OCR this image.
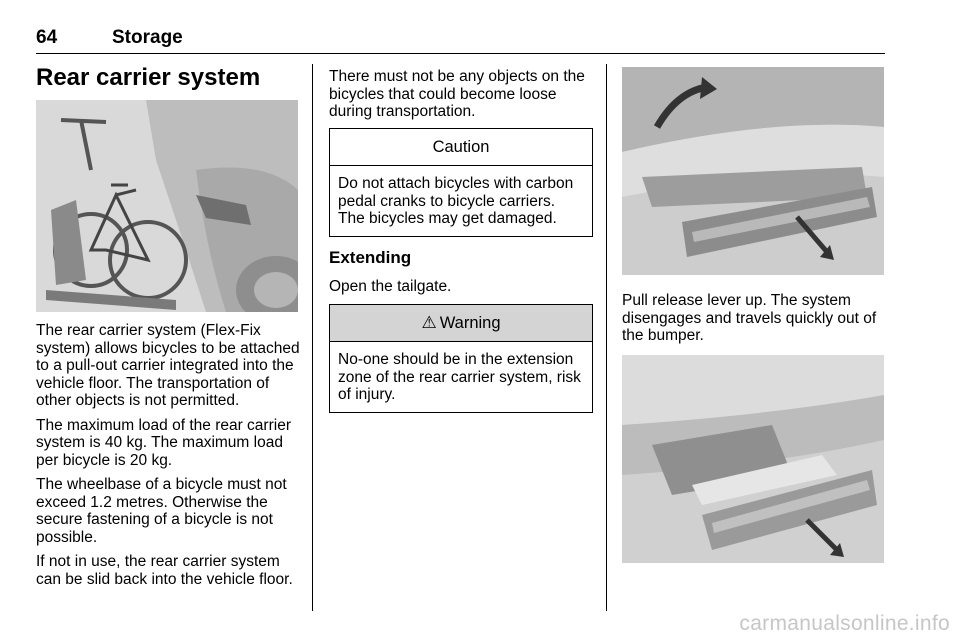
64	Storage
Rear carrier system

The rear carrier system (Flex-Fix system) allows bicycles to be attached to a pull-out carrier integrated into the vehicle floor. The transportation of other objects is not permitted.

The maximum load of the rear carrier system is 40 kg. The maximum load per bicycle is 20 kg.

The wheelbase of a bicycle must not exceed 1.2 metres. Otherwise the secure fastening of a bicycle is not possible.

If not in use, the rear carrier system can be slid back into the vehicle floor.

There must not be any objects on the bicycles that could become loose during transportation.
Caution
Do not attach bicycles with carbon pedal cranks to bicycle carriers. The bicycles may get damaged.
Extending
Open the tailgate.
⚠ Warning
No-one should be in the extension zone of the rear carrier system, risk of injury.
Pull release lever up. The system disengages and travels quickly out of the bumper.
carmanualsonline.info
